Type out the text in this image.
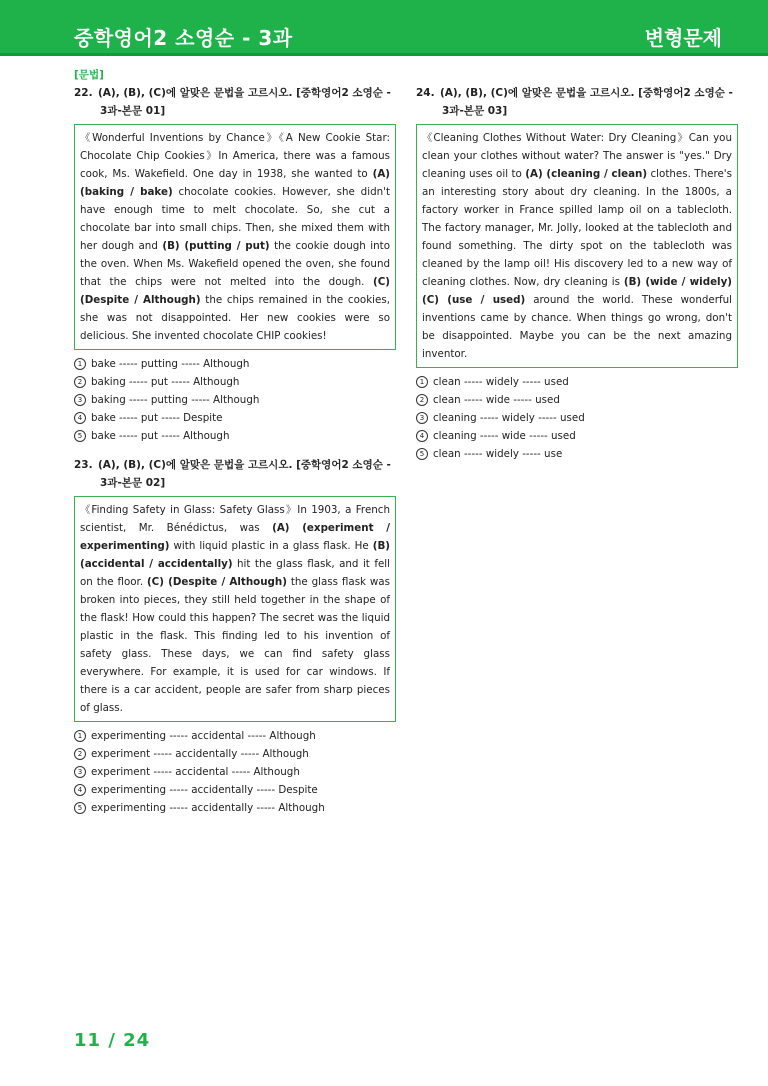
중학영어2 소영순 - 3과	변형문제
[문법]
22. (A), (B), (C)에 알맞은 문법을 고르시오. [중학영어2 소영순 -
3과-본문 01]
《Wonderful Inventions by Chance》《A New Cookie Star: Chocolate Chip Cookies》In America, there was a famous cook, Ms. Wakefield. One day in 1938, she wanted to (A) (baking / bake) chocolate cookies. However, she didn't have enough time to melt chocolate. So, she cut a chocolate bar into small chips. Then, she mixed them with her dough and (B) (putting / put) the cookie dough into the oven. When Ms. Wakefield opened the oven, she found that the chips were not melted into the dough. (C) (Despite / Although) the chips remained in the cookies, she was not disappointed. Her new cookies were so delicious. She invented chocolate CHIP cookies!
1 bake ----- putting ----- Although
2 baking ----- put ----- Although
3 baking ----- putting ----- Although
4 bake ----- put ----- Despite
5 bake ----- put ----- Although
23. (A), (B), (C)에 알맞은 문법을 고르시오. [중학영어2 소영순 -
3과-본문 02]
《Finding Safety in Glass: Safety Glass》In 1903, a French scientist, Mr. Bénédictus, was (A) (experiment / experimenting) with liquid plastic in a glass flask. He (B) (accidental / accidentally) hit the glass flask, and it fell on the floor. (C) (Despite / Although) the glass flask was broken into pieces, they still held together in the shape of the flask! How could this happen? The secret was the liquid plastic in the flask. This finding led to his invention of safety glass. These days, we can find safety glass everywhere. For example, it is used for car windows. If there is a car accident, people are safer from sharp pieces of glass.
1 experimenting ----- accidental ----- Although
2 experiment ----- accidentally ----- Although
3 experiment ----- accidental ----- Although
4 experimenting ----- accidentally ----- Despite
5 experimenting ----- accidentally ----- Although
24. (A), (B), (C)에 알맞은 문법을 고르시오. [중학영어2 소영순 -
3과-본문 03]
《Cleaning Clothes Without Water: Dry Cleaning》Can you clean your clothes without water? The answer is "yes." Dry cleaning uses oil to (A) (cleaning / clean) clothes. There's an interesting story about dry cleaning. In the 1800s, a factory worker in France spilled lamp oil on a tablecloth. The factory manager, Mr. Jolly, looked at the tablecloth and found something. The dirty spot on the tablecloth was cleaned by the lamp oil! His discovery led to a new way of cleaning clothes. Now, dry cleaning is (B) (wide / widely) (C) (use / used) around the world. These wonderful inventions came by chance. When things go wrong, don't be disappointed. Maybe you can be the next amazing inventor.
1 clean ----- widely ----- used
2 clean ----- wide ----- used
3 cleaning ----- widely ----- used
4 cleaning ----- wide ----- used
5 clean ----- widely ----- use
11 / 24
